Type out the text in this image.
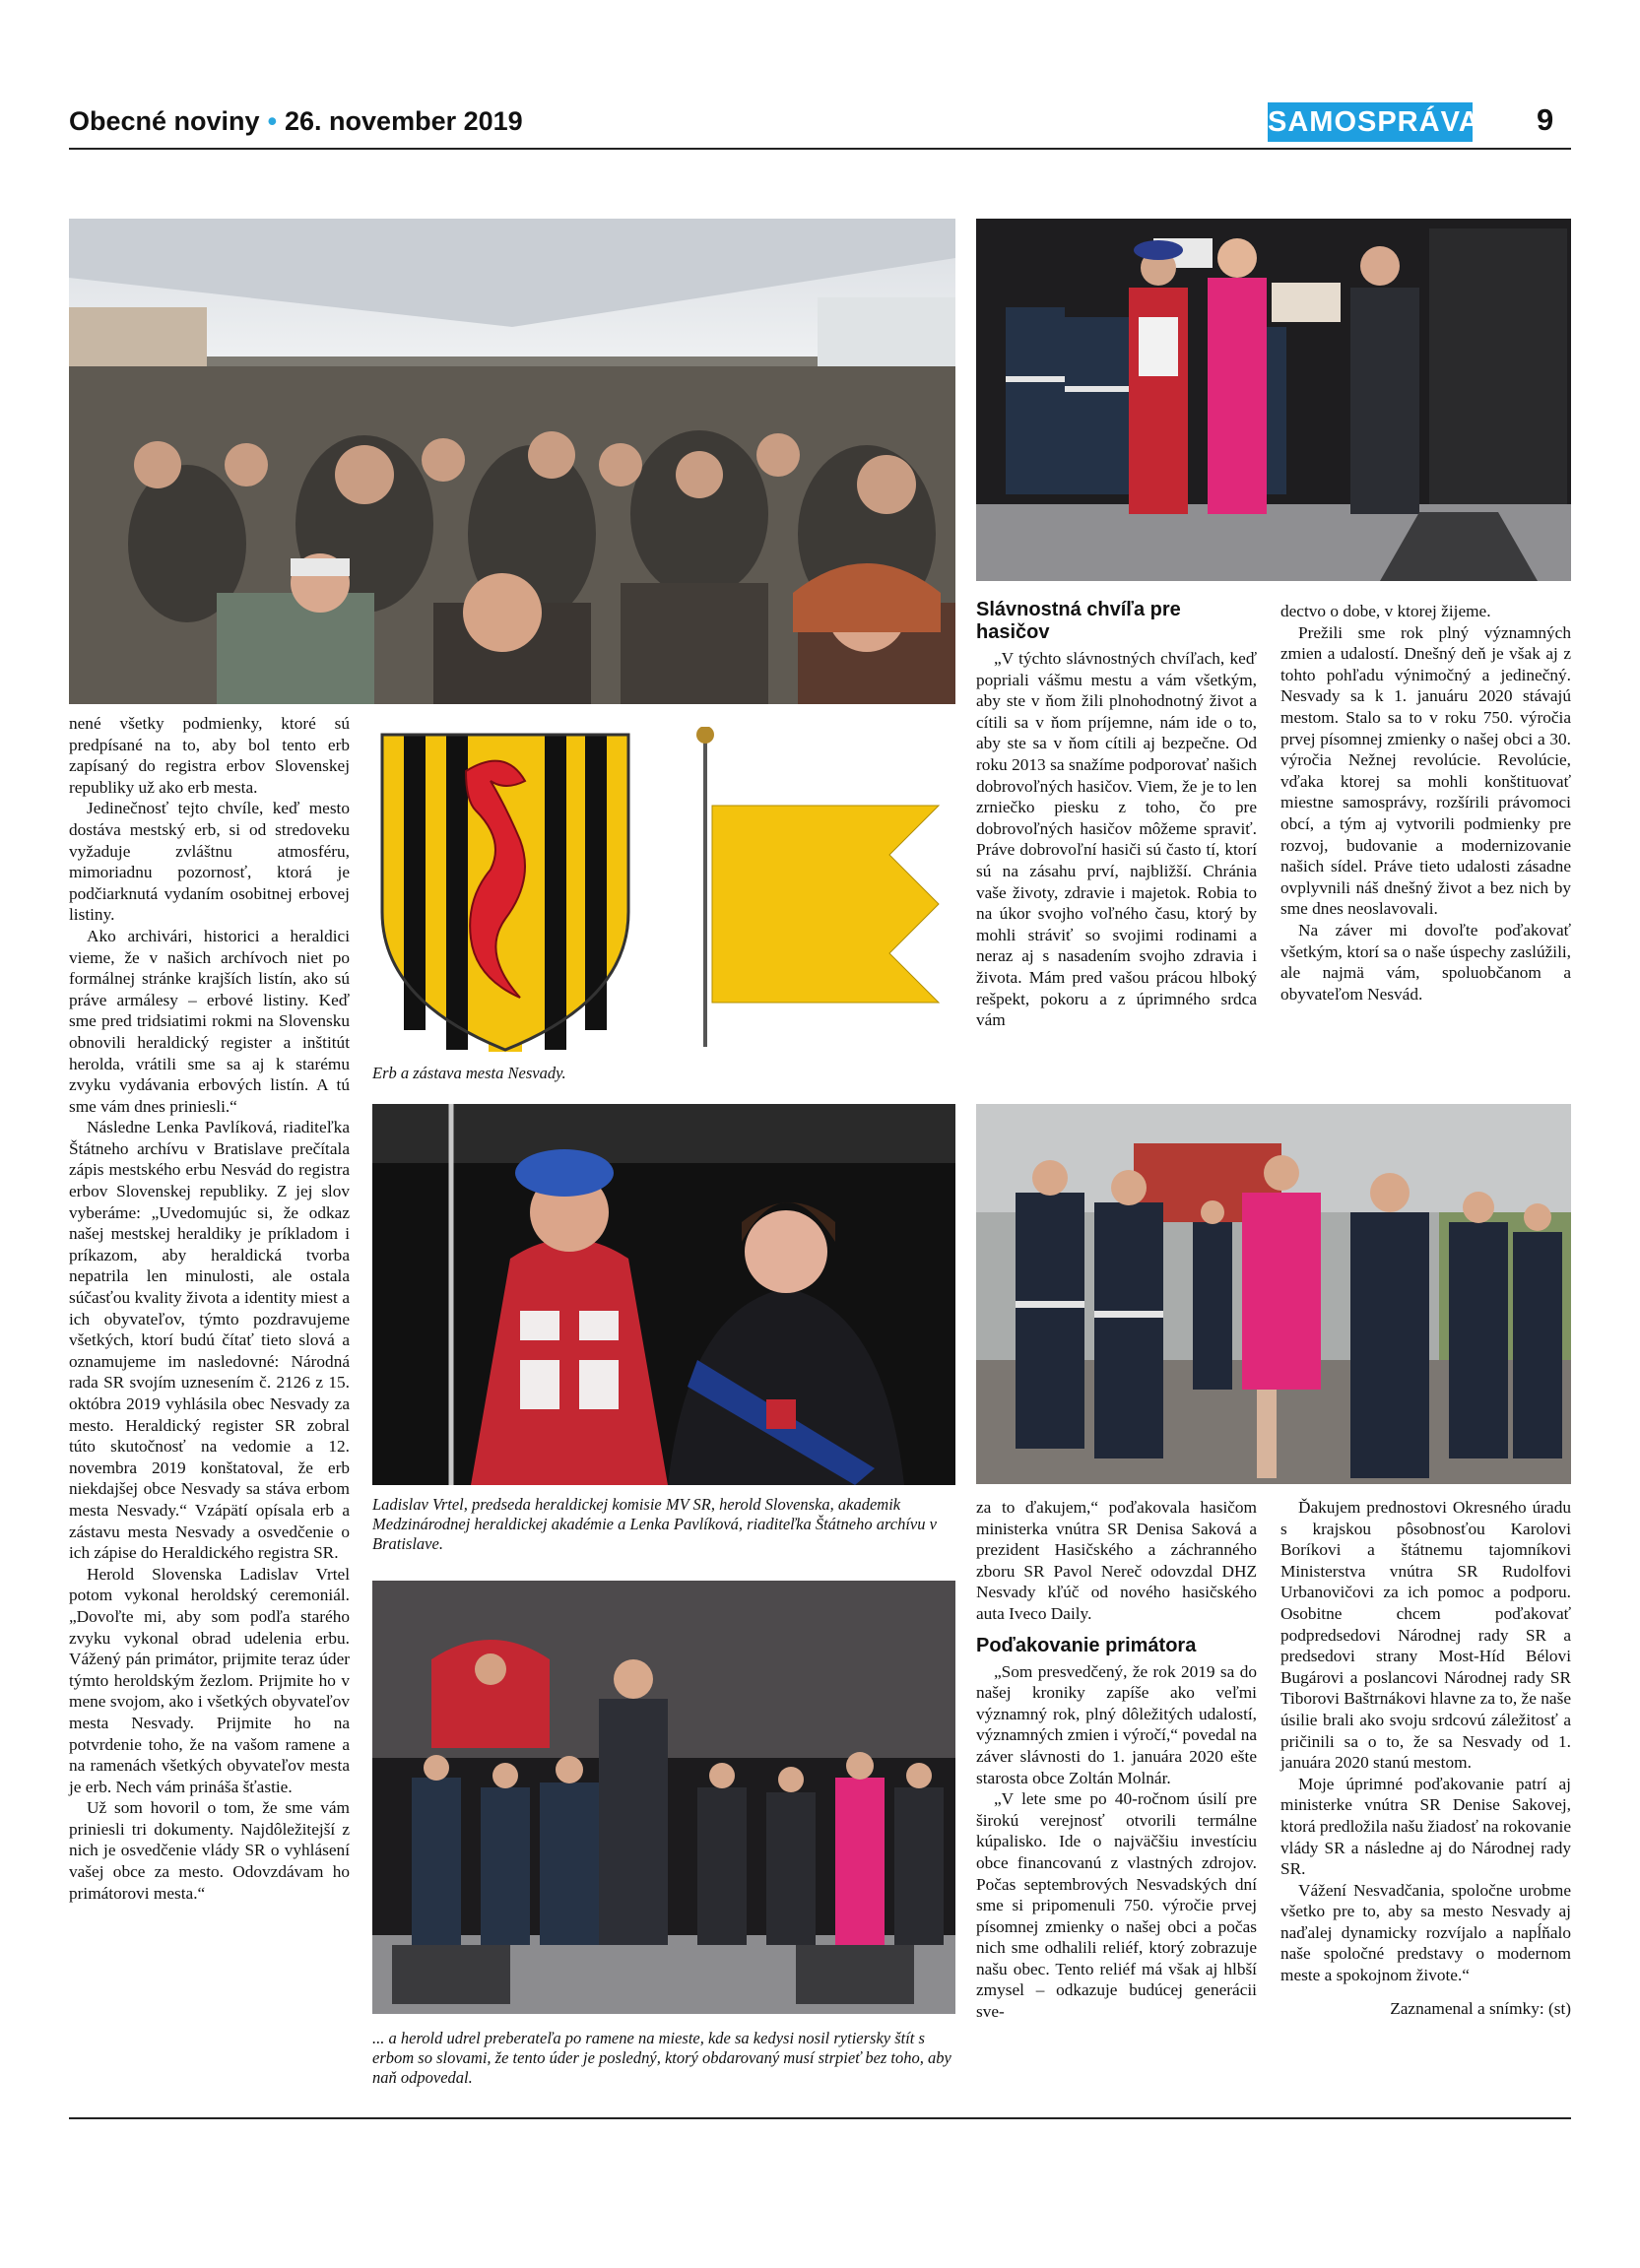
Obecné noviny • 26. november 2019	SAMOSPRÁVA 9
Erb a zástava mesta Nesvady.
Ladislav Vrtel, predseda heraldickej komisie MV SR, herold Slovenska, akademik Medzinárodnej heraldickej akadémie a Lenka Pavlíková, riaditeľka Štátneho archívu v Bratislave.
... a herold udrel preberateľa po ramene na mieste, kde sa kedysi nosil rytiersky štít s erbom so slovami, že tento úder je posledný, ktorý obdarovaný musí strpieť bez toho, aby naň odpovedal.

nené všetky podmienky, ktoré sú predpísané na to, aby bol tento erb zapísaný do registra erbov Slovenskej republiky už ako erb mesta.

Jedinečnosť tejto chvíle, keď mesto dostáva mestský erb, si od stredoveku vyžaduje zvláštnu atmosféru, mimoriadnu pozornosť, ktorá je podčiarknutá vydaním osobitnej erbovej listiny.

Ako archivári, historici a heraldici vieme, že v našich archívoch niet po formálnej stránke krajších listín, ako sú práve armálesy – erbové listiny. Keď sme pred tridsiatimi rokmi na Slovensku obnovili heraldický register a inštitút herolda, vrátili sme sa aj k starému zvyku vydávania erbových listín. A tú sme vám dnes priniesli.“

Následne Lenka Pavlíková, riaditeľka Štátneho archívu v Bratislave prečítala zápis mestského erbu Nesvád do registra erbov Slovenskej republiky. Z jej slov vyberáme: „Uvedomujúc si, že odkaz našej mestskej heraldiky je príkladom i príkazom, aby heraldická tvorba nepatrila len minulosti, ale ostala súčasťou kvality života a identity miest a ich obyvateľov, týmto pozdravujeme všetkých, ktorí budú čítať tieto slová a oznamujeme im nasledovné: Národná rada SR svojím uznesením č. 2126 z 15. októbra 2019 vyhlásila obec Nesvady za mesto. Heraldický register SR zobral túto skutočnosť na vedomie a 12. novembra 2019 konštatoval, že erb niekdajšej obce Nesvady sa stáva erbom mesta Nesvady.“ Vzápätí opísala erb a zástavu mesta Nesvady a osvedčenie o ich zápise do Heraldického registra SR.

Herold Slovenska Ladislav Vrtel potom vykonal heroldský ceremoniál. „Dovoľte mi, aby som podľa starého zvyku vykonal obrad udelenia erbu. Vážený pán primátor, prijmite teraz úder týmto heroldským žezlom. Prijmite ho v mene svojom, ako i všetkých obyvateľov mesta Nesvady. Prijmite ho na potvrdenie toho, že na vašom ramene a na ramenách všetkých obyvateľov mesta je erb. Nech vám prináša šťastie.

Už som hovoril o tom, že sme vám priniesli tri dokumenty. Najdôležitejší z nich je osvedčenie vlády SR o vyhlásení vašej obce za mesto. Odovzdávam ho primátorovi mesta.“

Slávnostná chvíľa pre hasičov

„V týchto slávnostných chvíľach, keď popriali vášmu mestu a vám všetkým, aby ste v ňom žili plnohodnotný život a cítili sa v ňom príjemne, nám ide o to, aby ste sa v ňom cítili aj bezpečne. Od roku 2013 sa snažíme podporovať našich dobrovoľných hasičov. Viem, že je to len zrniečko piesku z toho, čo pre dobrovoľných hasičov môžeme spraviť. Práve dobrovoľní hasiči sú často tí, ktorí sú na zásahu prví, najbližší. Chránia vaše životy, zdravie i majetok. Robia to na úkor svojho voľného času, ktorý by mohli stráviť so svojimi rodinami a neraz aj s nasadením svojho zdravia i života. Mám pred vašou prácou hlboký rešpekt, pokoru a z úprimného srdca vám

dectvo o dobe, v ktorej žijeme.

Prežili sme rok plný významných zmien a udalostí. Dnešný deň je však aj z tohto pohľadu výnimočný a jedinečný. Nesvady sa k 1. januáru 2020 stávajú mestom. Stalo sa to v roku 750. výročia prvej písomnej zmienky o našej obci a 30. výročia Nežnej revolúcie. Revolúcie, vďaka ktorej sa mohli konštituovať miestne samosprávy, rozšírili právomoci obcí, a tým aj vytvorili podmienky pre rozvoj, budovanie a modernizovanie našich sídel. Práve tieto udalosti zásadne ovplyvnili náš dnešný život a bez nich by sme dnes neoslavovali.

Na záver mi dovoľte poďakovať všetkým, ktorí sa o naše úspechy zaslúžili, ale najmä vám, spoluobčanom a obyvateľom Nesvád.

za to ďakujem,“ poďakovala hasičom ministerka vnútra SR Denisa Saková a prezident Hasičského a záchranného zboru SR Pavol Nereč odovzdal DHZ Nesvady kľúč od nového hasičského auta Iveco Daily.

Poďakovanie primátora

„Som presvedčený, že rok 2019 sa do našej kroniky zapíše ako veľmi významný rok, plný dôležitých udalostí, významných zmien i výročí,“ povedal na záver slávnosti do 1. januára 2020 ešte starosta obce Zoltán Molnár.

„V lete sme po 40-ročnom úsilí pre širokú verejnosť otvorili termálne kúpalisko. Ide o najväčšiu investíciu obce financovanú z vlastných zdrojov. Počas septembrových Nesvadských dní sme si pripomenuli 750. výročie prvej písomnej zmienky o našej obci a počas nich sme odhalili reliéf, ktorý zobrazuje našu obec. Tento reliéf má však aj hlbší zmysel – odkazuje budúcej generácii sve-

Ďakujem prednostovi Okresného úradu s krajskou pôsobnosťou Karolovi Boríkovi a štátnemu tajomníkovi Ministerstva vnútra SR Rudolfovi Urbanovičovi za ich pomoc a podporu. Osobitne chcem poďakovať podpredsedovi Národnej rady SR a predsedovi strany Most-Híd Bélovi Bugárovi a poslancovi Národnej rady SR Tiborovi Baštrnákovi hlavne za to, že naše úsilie brali ako svoju srdcovú záležitosť a pričinili sa o to, že sa Nesvady od 1. januára 2020 stanú mestom.

Moje úprimné poďakovanie patrí aj ministerke vnútra SR Denise Sakovej, ktorá predložila našu žiadosť na rokovanie vlády SR a následne aj do Národnej rady SR.

Vážení Nesvadčania, spoločne urobme všetko pre to, aby sa mesto Nesvady aj naďalej dynamicky rozvíjalo a napĺňalo naše spoločné predstavy o modernom meste a spokojnom živote.“

Zaznamenal a snímky: (st)
